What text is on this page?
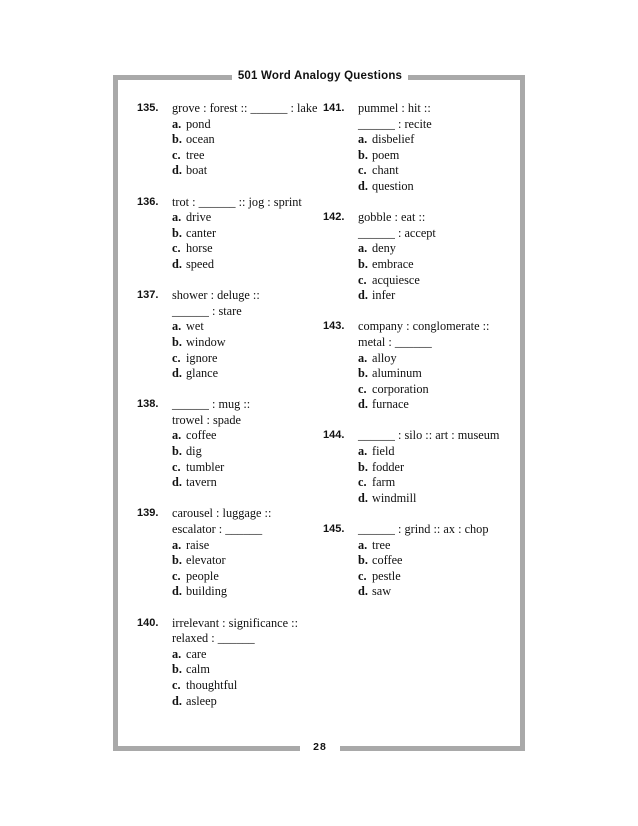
501 Word Analogy Questions
28
135. grove : forest :: ______ : lake
a. pond
b. ocean
c. tree
d. boat
136. trot : ______ :: jog : sprint
a. drive
b. canter
c. horse
d. speed
137. shower : deluge ::
______ : stare
a. wet
b. window
c. ignore
d. glance
138. ______ : mug ::
trowel : spade
a. coffee
b. dig
c. tumbler
d. tavern
139. carousel : luggage ::
escalator : ______
a. raise
b. elevator
c. people
d. building
140. irrelevant : significance ::
relaxed : ______
a. care
b. calm
c. thoughtful
d. asleep
141. pummel : hit ::
______ : recite
a. disbelief
b. poem
c. chant
d. question
142. gobble : eat ::
______ : accept
a. deny
b. embrace
c. acquiesce
d. infer
143. company : conglomerate ::
metal : ______
a. alloy
b. aluminum
c. corporation
d. furnace
144. ______ : silo :: art : museum
a. field
b. fodder
c. farm
d. windmill
145. ______ : grind :: ax : chop
a. tree
b. coffee
c. pestle
d. saw
